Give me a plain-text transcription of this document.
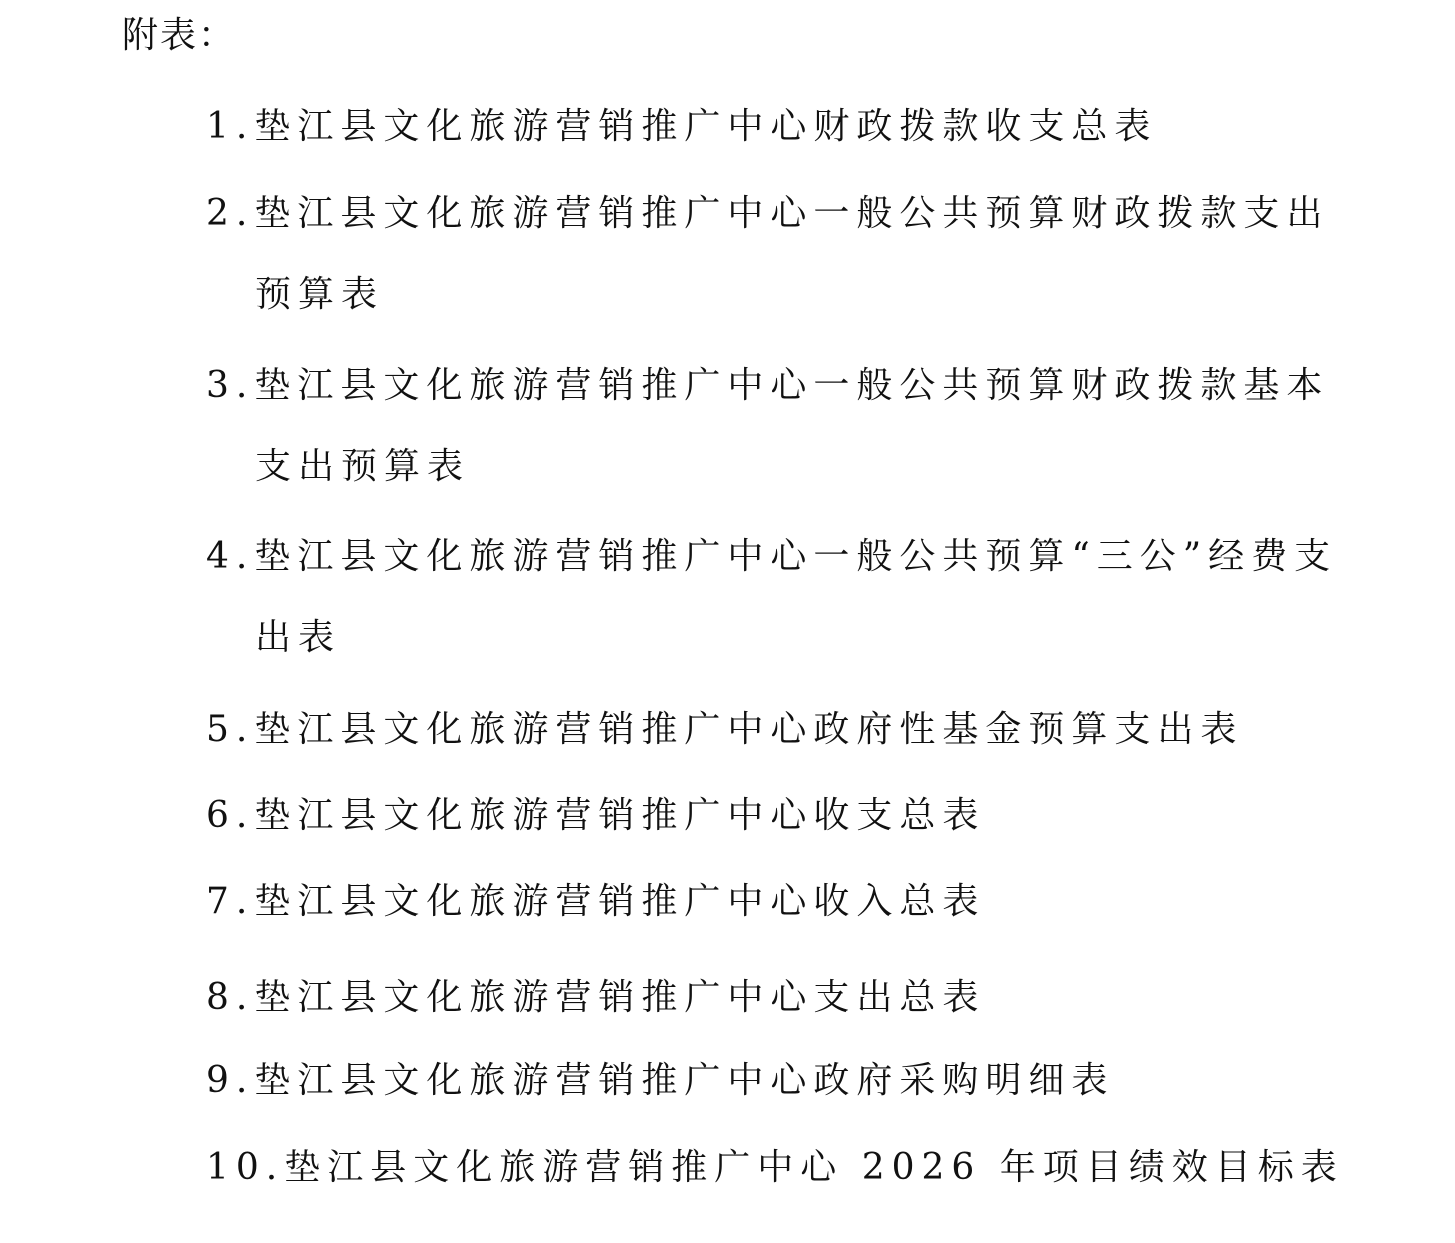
附表：
1.垫江县文化旅游营销推广中心财政拨款收支总表
2.垫江县文化旅游营销推广中心一般公共预算财政拨款支出
预算表
3.垫江县文化旅游营销推广中心一般公共预算财政拨款基本
支出预算表
4.垫江县文化旅游营销推广中心一般公共预算“三公”经费支
出表
5.垫江县文化旅游营销推广中心政府性基金预算支出表
6.垫江县文化旅游营销推广中心收支总表
7.垫江县文化旅游营销推广中心收入总表
8.垫江县文化旅游营销推广中心支出总表
9.垫江县文化旅游营销推广中心政府采购明细表
10.垫江县文化旅游营销推广中心 2026 年项目绩效目标表
